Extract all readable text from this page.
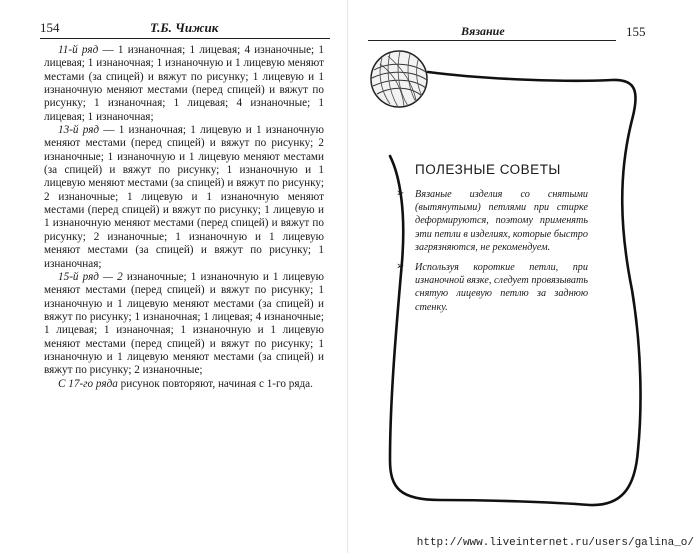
154	Т.Б. Чижик

11-й ряд — 1 изнаночная; 1 лицевая; 4 изнаночные; 1 лицевая; 1 изнаночная; 1 изнаночную и 1 лицевую меняют местами (за спицей) и вяжут по рисунку; 1 лицевую и 1 изнаночную меняют местами (перед спицей) и вяжут по рисунку; 1 изнаночная; 1 лицевая; 4 изнаночные; 1 лицевая; 1 изнаночная;

13-й ряд — 1 изнаночная; 1 лицевую и 1 изнаночную меняют местами (перед спицей) и вяжут по рисунку; 2 изнаночные; 1 изнаночную и 1 лицевую меняют местами (за спицей) и вяжут по рисунку; 1 изнаночную и 1 лицевую меняют местами (за спицей) и вяжут по рисунку; 2 изнаночные; 1 лицевую и 1 изнаночную меняют местами (перед спицей) и вяжут по рисунку; 1 лицевую и 1 изнаночную меняют местами (перед спицей) и вяжут по рисунку; 2 изнаночные; 1 изнаночную и 1 лицевую меняют местами (за спицей) и вяжут по рисунку; 1 изнаночная;

15-й ряд — 2 изнаночные; 1 изнаночную и 1 лицевую меняют местами (перед спицей) и вяжут по рисунку; 1 изнаночную и 1 лицевую меняют местами (за спицей) и вяжут по рисунку; 1 изнаночная; 1 лицевая; 4 изнаночные; 1 лицевая; 1 изнаночная; 1 изнаночную и 1 лицевую меняют местами (перед спицей) и вяжут по рисунку; 1 изнаночную и 1 лицевую меняют местами (за спицей) и вяжут по рисунку; 2 изнаночные;

С 17-го ряда рисунок повторяют, начиная с 1-го ряда.

Вязание	155
ПОЛЕЗНЫЕ СОВЕТЫ
➢ Вязаные изделия со снятыми (вытянутыми) петлями при стирке деформируются, поэтому применять эти петли в изделиях, которые быстро загрязняются, не рекомендуем.
➢ Используя короткие петли, при изнаночной вязке, следует провязывать снятую лицевую петлю за заднюю стенку.
http://www.liveinternet.ru/users/galina_o/
